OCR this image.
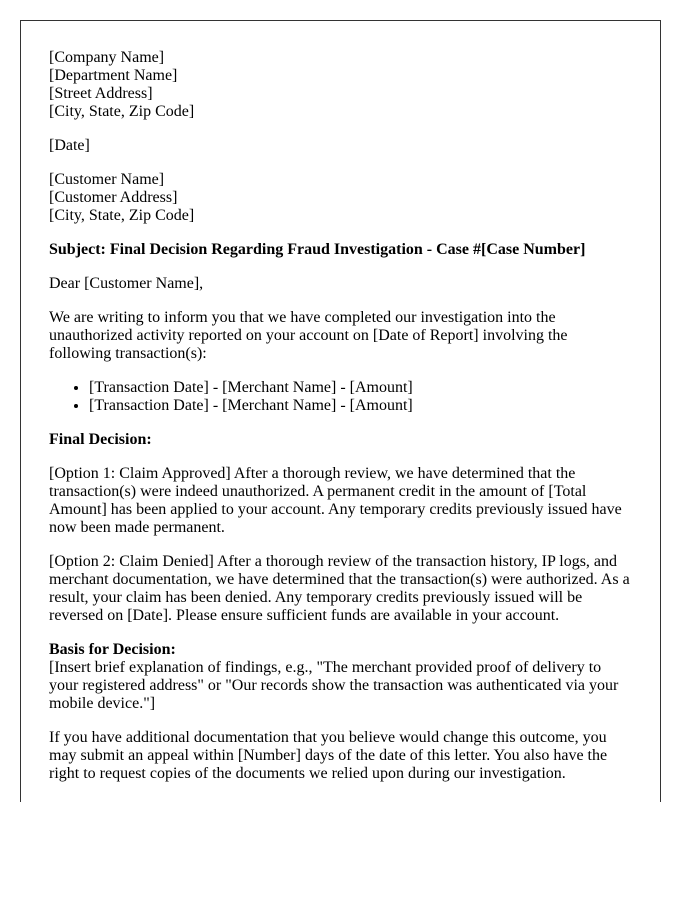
[Company Name]
[Department Name]
[Street Address]
[City, State, Zip Code]

[Date]

[Customer Name]
[Customer Address]
[City, State, Zip Code]

Subject: Final Decision Regarding Fraud Investigation - Case #[Case Number]

Dear [Customer Name],

We are writing to inform you that we have completed our investigation into the unauthorized activity reported on your account on [Date of Report] involving the following transaction(s):

• [Transaction Date] - [Merchant Name] - [Amount]
• [Transaction Date] - [Merchant Name] - [Amount]

Final Decision:

[Option 1: Claim Approved] After a thorough review, we have determined that the transaction(s) were indeed unauthorized. A permanent credit in the amount of [Total Amount] has been applied to your account. Any temporary credits previously issued have now been made permanent.

[Option 2: Claim Denied] After a thorough review of the transaction history, IP logs, and merchant documentation, we have determined that the transaction(s) were authorized. As a result, your claim has been denied. Any temporary credits previously issued will be reversed on [Date]. Please ensure sufficient funds are available in your account.

Basis for Decision:
[Insert brief explanation of findings, e.g., "The merchant provided proof of delivery to your registered address" or "Our records show the transaction was authenticated via your mobile device."]

If you have additional documentation that you believe would change this outcome, you may submit an appeal within [Number] days of the date of this letter. You also have the right to request copies of the documents we relied upon during our investigation.
